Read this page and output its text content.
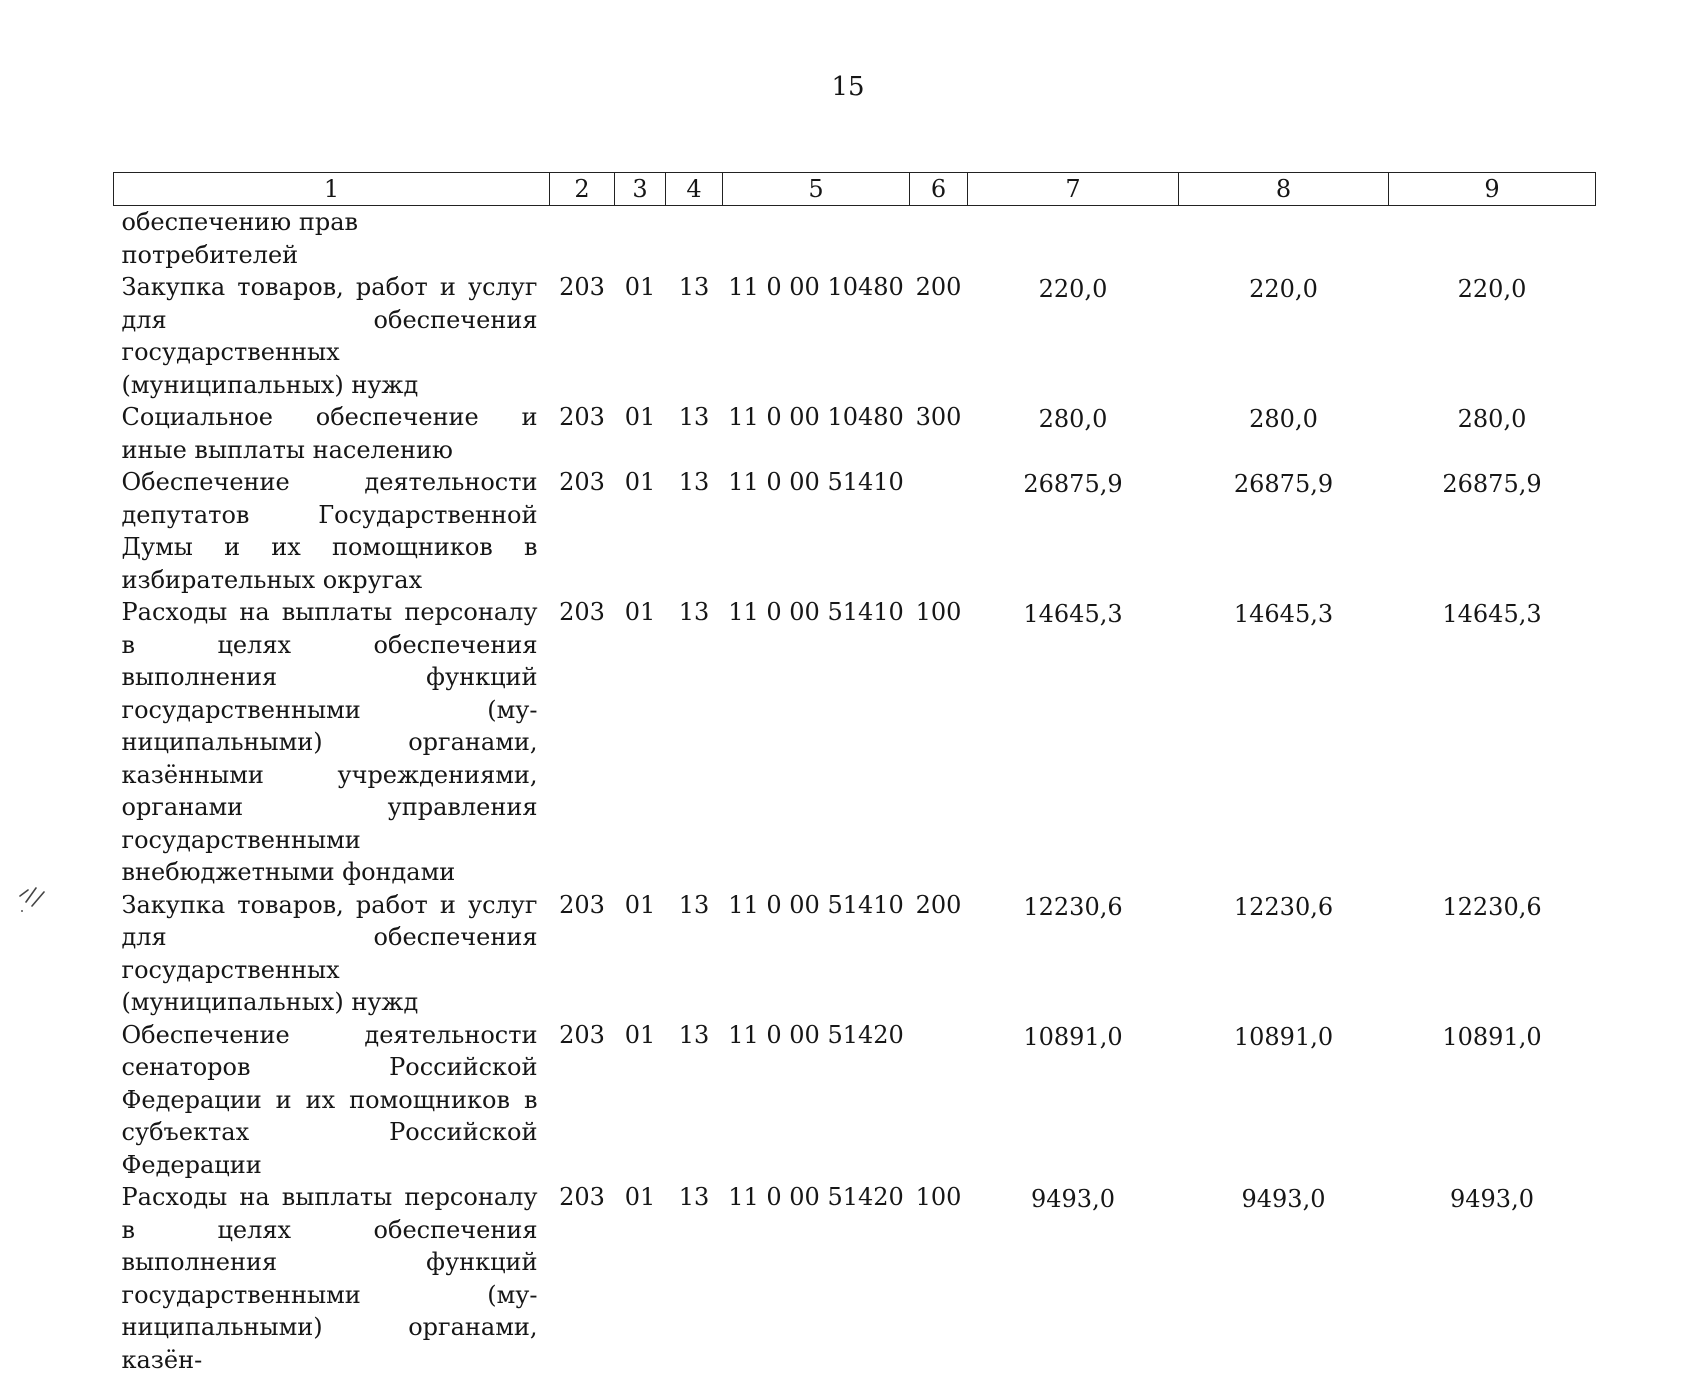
15
1	2	3	4	5	6	7	8	9
обеспечению прав потребителей								
Закупка товаров, работ и услуг для обеспечения государственных (муниципальных) нужд	203	01	13	11 0 00 10480	200	220,0	220,0	220,0
Социальное обеспечение и иные выплаты населению	203	01	13	11 0 00 10480	300	280,0	280,0	280,0
Обеспечение деятельности депутатов Государственной Думы и их помощников в избирательных округах	203	01	13	11 0 00 51410		26875,9	26875,9	26875,9
Расходы на выплаты персоналу в целях обеспечения выполнения функций государственными (муниципальными) органами, казёнными учреждениями, органами управления государственными внебюджетными фондами	203	01	13	11 0 00 51410	100	14645,3	14645,3	14645,3
Закупка товаров, работ и услуг для обеспечения государственных (муниципальных) нужд	203	01	13	11 0 00 51410	200	12230,6	12230,6	12230,6
Обеспечение деятельности сенаторов Российской Федерации и их помощников в субъектах Российской Федерации	203	01	13	11 0 00 51420		10891,0	10891,0	10891,0
Расходы на выплаты персоналу в целях обеспечения выполнения функций государственными (муниципальными) органами, казён-	203	01	13	11 0 00 51420	100	9493,0	9493,0	9493,0
